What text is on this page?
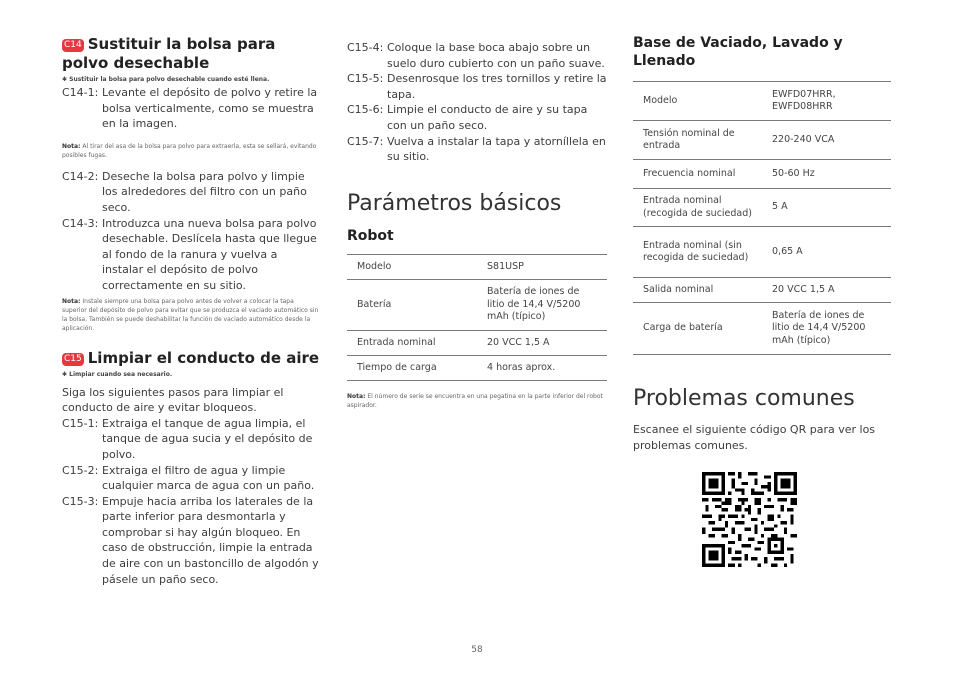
C14 Sustituir la bolsa para polvo desechable
✱ Sustituir la bolsa para polvo desechable cuando esté llena.
C14-1: Levante el depósito de polvo y retire la bolsa verticalmente, como se muestra en la imagen.
Nota: Al tirar del asa de la bolsa para polvo para extraerla, esta se sellará, evitando posibles fugas.
C14-2: Deseche la bolsa para polvo y limpie los alrededores del filtro con un paño seco.
C14-3: Introduzca una nueva bolsa para polvo desechable. Deslícela hasta que llegue al fondo de la ranura y vuelva a instalar el depósito de polvo correctamente en su sitio.
Nota: Instale siempre una bolsa para polvo antes de volver a colocar la tapa superior del depósito de polvo para evitar que se produzca el vaciado automático sin la bolsa. También se puede deshabilitar la función de vaciado automático desde la aplicación.
C15 Limpiar el conducto de aire
✱ Limpiar cuando sea necesario.
Siga los siguientes pasos para limpiar el conducto de aire y evitar bloqueos.
C15-1: Extraiga el tanque de agua limpia, el tanque de agua sucia y el depósito de polvo.
C15-2: Extraiga el filtro de agua y limpie cualquier marca de agua con un paño.
C15-3: Empuje hacia arriba los laterales de la parte inferior para desmontarla y comprobar si hay algún bloqueo. En caso de obstrucción, limpie la entrada de aire con un bastoncillo de algodón y pásele un paño seco.
C15-4: Coloque la base boca abajo sobre un suelo duro cubierto con un paño suave.
C15-5: Desenrosque los tres tornillos y retire la tapa.
C15-6: Limpie el conducto de aire y su tapa con un paño seco.
C15-7: Vuelva a instalar la tapa y atorníllela en su sitio.
Parámetros básicos
Robot
Modelo	S81USP
Batería	Batería de iones de litio de 14,4 V/5200 mAh (típico)
Entrada nominal	20 VCC 1,5 A
Tiempo de carga	4 horas aprox.
Nota: El número de serie se encuentra en una pegatina en la parte inferior del robot aspirador.
Base de Vaciado, Lavado y Llenado
Modelo	EWFD07HRR, EWFD08HRR
Tensión nominal de entrada	220-240 VCA
Frecuencia nominal	50-60 Hz
Entrada nominal (recogida de suciedad)	5 A
Entrada nominal (sin recogida de suciedad)	0,65 A
Salida nominal	20 VCC 1,5 A
Carga de batería	Batería de iones de litio de 14,4 V/5200 mAh (típico)
Problemas comunes
Escanee el siguiente código QR para ver los problemas comunes.
58
